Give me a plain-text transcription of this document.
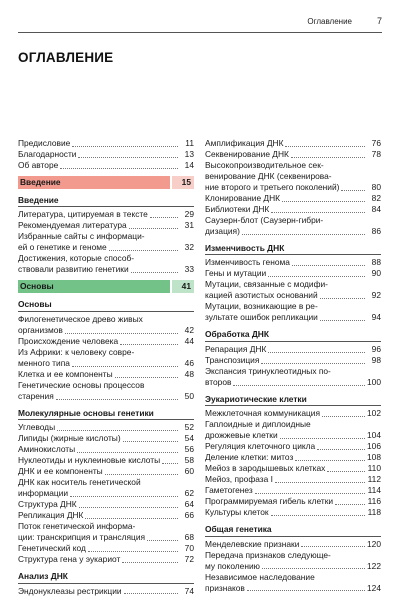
Оглавление	7
ОГЛАВЛЕНИЕ
Предисловие	11
Благодарности	13
Об авторе	14
Введение	15
Введение
Литература, цитируемая в тексте	29
Рекомендуемая литература	31
Избранные сайты с информаци-
ей о генетике и геноме	32
Достижения, которые способ-
ствовали развитию генетики	33
Основы	41
Основы
Филогенетическое древо живых
организмов	42
Происхождение человека	44
Из Африки: к человеку совре-
менного типа	46
Клетка и ее компоненты	48
Генетические основы процессов
старения	50
Молекулярные основы генетики
Углеводы	52
Липиды (жирные кислоты)	54
Аминокислоты	56
Нуклеотиды и нуклеиновые кислоты	58
ДНК и ее компоненты	60
ДНК как носитель генетической
информации	62
Структура ДНК	64
Репликация ДНК	66
Поток генетической информа-
ции: транскрипция и трансляция	68
Генетический код	70
Структура гена у эукариот	72
Анализ ДНК
Эндонуклеазы рестрикции	74
Амплификация ДНК	76
Секвенирование ДНК	78
Высокопроизводительное сек-
венирование ДНК (секвенирова-
ние второго и третьего поколений)	80
Клонирование ДНК	82
Библиотеки ДНК	84
Саузерн-блот (Саузерн-гибри-
дизация)	86
Изменчивость ДНК
Изменчивость генома	88
Гены и мутации	90
Мутации, связанные с модифи-
кацией азотистых оснований	92
Мутации, возникающие в ре-
зультате ошибок репликации	94
Обработка ДНК
Репарация ДНК	96
Транспозиция	98
Экспансия тринуклеотидных по-
второв	100
Эукариотические клетки
Межклеточная коммуникация	102
Гаплоидные и диплоидные
дрожжевые клетки	104
Регуляция клеточного цикла	106
Деление клетки: митоз	108
Мейоз в зародышевых клетках	110
Мейоз, профаза I	112
Гаметогенез	114
Программируемая гибель клетки	116
Культуры клеток	118
Общая генетика
Менделевские признаки	120
Передача признаков следующе-
му поколению	122
Независимое наследование
признаков	124
